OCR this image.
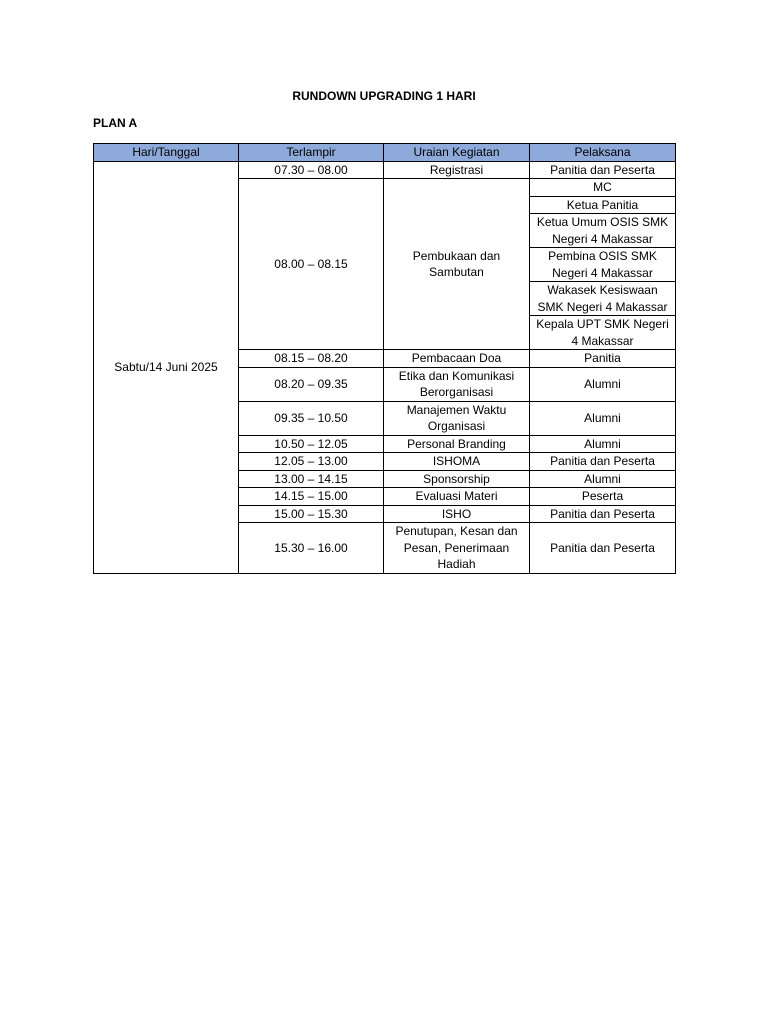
RUNDOWN UPGRADING 1 HARI
PLAN A
Hari/Tanggal	Terlampir	Uraian Kegiatan	Pelaksana
Sabtu/14 Juni 2025	07.30 – 08.00	Registrasi	Panitia dan Peserta
	08.00 – 08.15	Pembukaan dan Sambutan	MC
			Ketua Panitia
			Ketua Umum OSIS SMK Negeri 4 Makassar
			Pembina OSIS SMK Negeri 4 Makassar
			Wakasek Kesiswaan SMK Negeri 4 Makassar
			Kepala UPT SMK Negeri 4 Makassar
	08.15 – 08.20	Pembacaan Doa	Panitia
	08.20 – 09.35	Etika dan Komunikasi Berorganisasi	Alumni
	09.35 – 10.50	Manajemen Waktu Organisasi	Alumni
	10.50 – 12.05	Personal Branding	Alumni
	12.05 – 13.00	ISHOMA	Panitia dan Peserta
	13.00 – 14.15	Sponsorship	Alumni
	14.15 – 15.00	Evaluasi Materi	Peserta
	15.00 – 15.30	ISHO	Panitia dan Peserta
	15.30 – 16.00	Penutupan, Kesan dan Pesan, Penerimaan Hadiah	Panitia dan Peserta
